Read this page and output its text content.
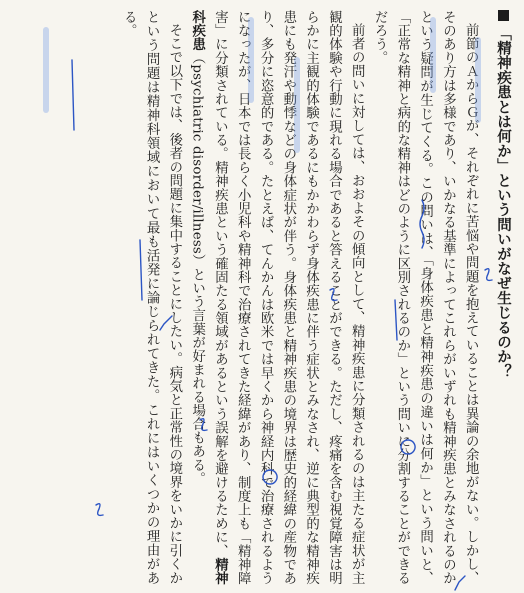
「精神疾患とは何か」という問いがなぜ生じるのか？
前節のＡからＧが、それぞれに苦悩や問題を抱えていることは異論の余地がない。しかし、そのあり方は多様であり、いかなる基準によってこれらがいずれも精神疾患とみなされるのかという疑問が生じてくる。この問いは、「身体疾患と精神疾患の違いは何か」という問いと、「正常な精神と病的な精神はどのように区別されるのか」という問いに分割することができるだろう。
前者の問いに対しては、おおよその傾向として、精神疾患に分類されるのは主たる症状が主観的体験や行動に現れる場合であると答えることができる。ただし、疼痛を含む視覚障害は明らかに主観的体験であるにもかかわらず身体疾患に伴う症状とみなされ、逆に典型的な精神疾患にも発汗や動悸などの身体症状が伴う。身体疾患と精神疾患の境界は歴史的経緯の産物であり、多分に恣意的である。たとえば、てんかんは欧米では早くから神経内科で治療されるようになったが、日本では長らく小児科や精神科で治療されてきた経緯があり、制度上も「精神障害」に分類されている。精神疾患という確固たる領域があるという誤解を避けるために、精神科疾患（psychiatric disorder/illness）という言葉が好まれる場合もある。
そこで以下では、後者の問題に集中することにしたい。病気と正常性の境界をいかに引くかという問題は精神科領域において最も活発に論じられてきた。これにはいくつかの理由がある。
